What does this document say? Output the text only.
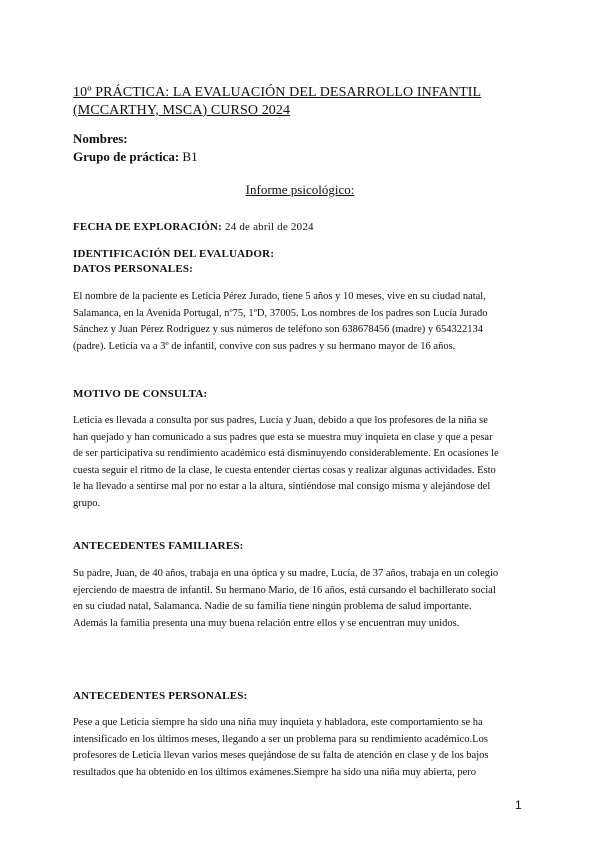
10º PRÁCTICA: LA EVALUACIÓN DEL DESARROLLO INFANTIL (MCCARTHY, MSCA) CURSO 2024
Nombres:
Grupo de práctica: B1
Informe psicológico:
FECHA DE EXPLORACIÓN: 24 de abril de 2024
IDENTIFICACIÓN DEL EVALUADOR:
DATOS PERSONALES:
El nombre de la paciente es Leticia Pérez Jurado, tiene 5 años y 10 meses, vive en su ciudad natal,
Salamanca, en la Avenida Portugal, nº75, 1ºD, 37005. Los nombres de los padres son Lucía Jurado
Sánchez y Juan Pérez Rodriguez y sus números de teléfono son 638678456 (madre) y 654322134
(padre). Leticia va a 3º de infantil, convive con sus padres y su hermano mayor de 16 años.
MOTIVO DE CONSULTA:
Leticia es llevada a consulta por sus padres, Lucía y Juan, debido a que los profesores de la niña se
han quejado y han comunicado a sus padres que esta se muestra muy inquieta en clase y que a pesar
de ser participativa su rendimiento académico está disminuyendo considerablemente. En ocasiones le
cuesta seguir el ritmo de la clase, le cuesta entender ciertas cosas y realizar algunas actividades. Esto
le ha llevado a sentirse mal por no estar a la altura, sintiéndose mal consigo misma y alejándose del
grupo.
ANTECEDENTES FAMILIARES:
Su padre, Juan, de 40 años, trabaja en una óptica y su madre, Lucía, de 37 años, trabaja en un colegio
ejerciendo de maestra de infantil. Su hermano Mario, de 16 años, está cursando el bachillerato social
en su ciudad natal, Salamanca. Nadie de su familia tiene ningún problema de salud importante.
Además la familia presenta una muy buena relación entre ellos y se encuentran muy unidos.
ANTECEDENTES PERSONALES:
Pese a que Leticia siempre ha sido una niña muy inquieta y habladora, este comportamiento se ha
intensificado en los últimos meses, llegando a ser un problema para su rendimiento académico.Los
profesores de Leticia llevan varios meses quejándose de su falta de atención en clase y de los bajos
resultados que ha obtenido en los últimos exámenes.Siempre ha sido una niña muy abierta, pero
1
